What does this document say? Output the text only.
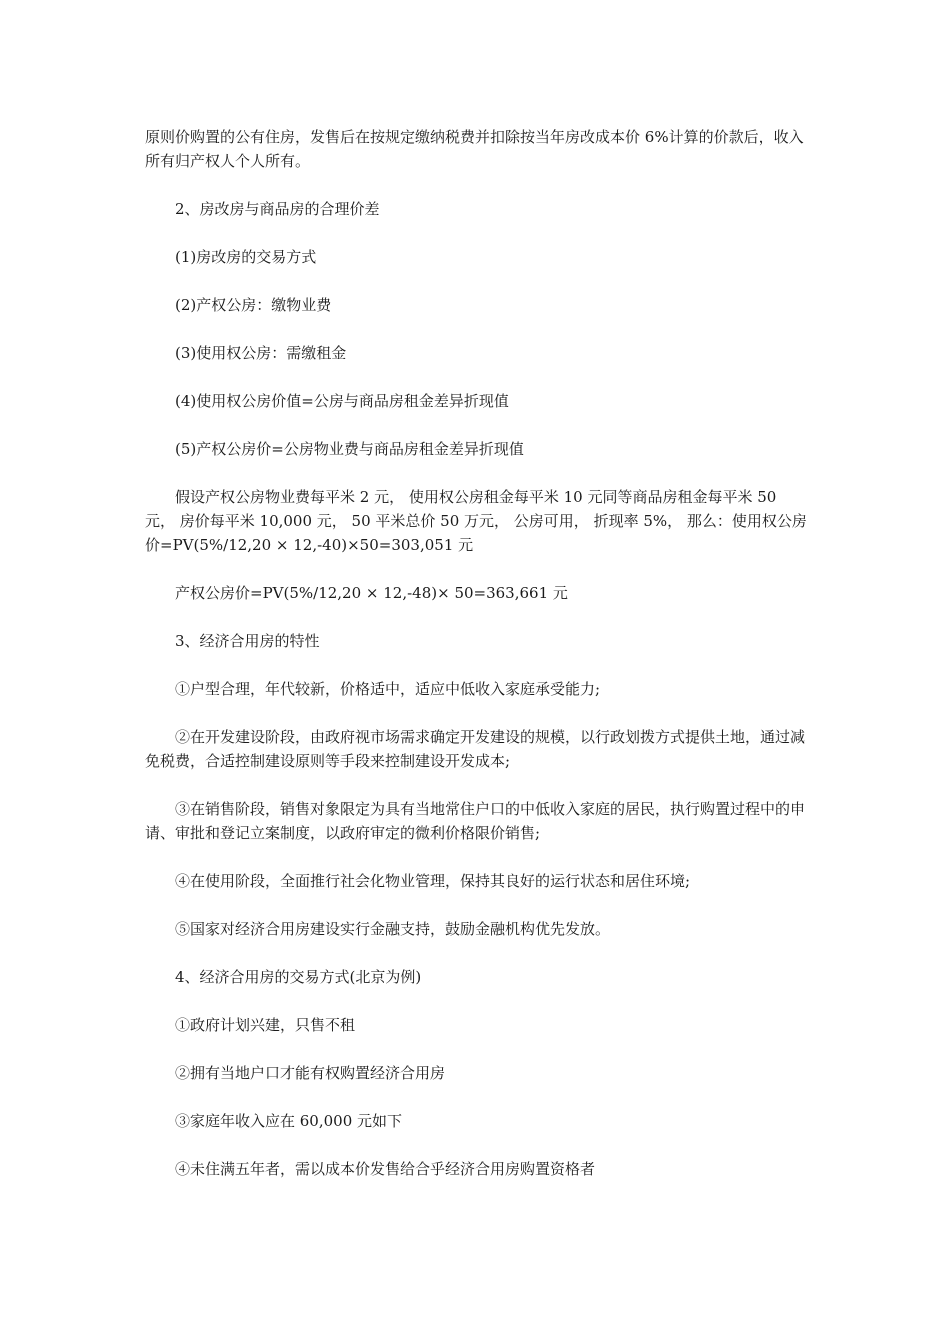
原则价购置的公有住房，发售后在按规定缴纳税费并扣除按当年房改成本价 6%计算的价款后，收入所有归产权人个人所有。

2、房改房与商品房的合理价差

(1)房改房的交易方式

(2)产权公房：缴物业费

(3)使用权公房：需缴租金

(4)使用权公房价值=公房与商品房租金差异折现值

(5)产权公房价=公房物业费与商品房租金差异折现值

假设产权公房物业费每平米 2 元， 使用权公房租金每平米 10 元同等商品房租金每平米 50 元， 房价每平米 10,000 元， 50 平米总价 50 万元， 公房可用， 折现率 5%， 那么：使用权公房价=PV(5%/12,20 × 12,-40)×50=303,051 元

产权公房价=PV(5%/12,20 × 12,-48)× 50=363,661 元

3、经济合用房的特性

①户型合理，年代较新，价格适中，适应中低收入家庭承受能力;

②在开发建设阶段，由政府视市场需求确定开发建设的规模，以行政划拨方式提供土地，通过减免税费，合适控制建设原则等手段来控制建设开发成本;

③在销售阶段，销售对象限定为具有当地常住户口的中低收入家庭的居民，执行购置过程中的申请、审批和登记立案制度，以政府审定的微利价格限价销售;

④在使用阶段，全面推行社会化物业管理，保持其良好的运行状态和居住环境;

⑤国家对经济合用房建设实行金融支持，鼓励金融机构优先发放。

4、经济合用房的交易方式(北京为例)

①政府计划兴建，只售不租

②拥有当地户口才能有权购置经济合用房

③家庭年收入应在 60,000 元如下

④未住满五年者，需以成本价发售给合乎经济合用房购置资格者
